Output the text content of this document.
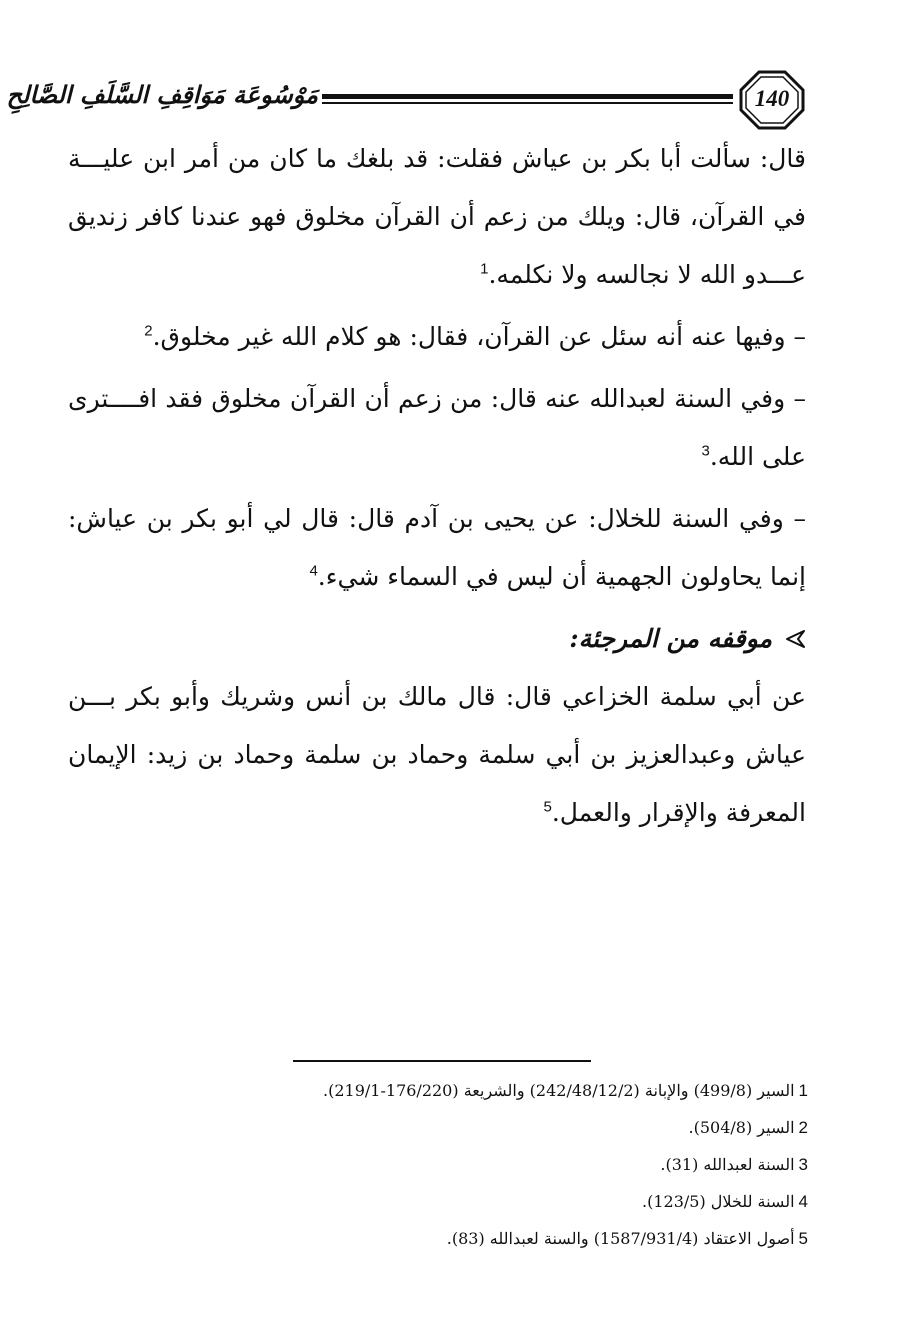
مَوْسُوعَة مَوَاقِفِ السَّلَفِ الصَّالِحِ	140

قال: سألت أبا بكر بن عياش فقلت: قد بلغك ما كان من أمر ابن عليـــة في القرآن، قال: ويلك من زعم أن القرآن مخلوق فهو عندنا كافر زنديق عـــدو الله لا نجالسه ولا نكلمه.$^1$

– وفيها عنه أنه سئل عن القرآن، فقال: هو كلام الله غير مخلوق.$^2$

– وفي السنة لعبدالله عنه قال: من زعم أن القرآن مخلوق فقد افــــترى على الله.$^3$

– وفي السنة للخلال: عن يحيى بن آدم قال: قال لي أبو بكر بن عياش: إنما يحاولون الجهمية أن ليس في السماء شيء.$^4$

موقفه من المرجئة:

عن أبي سلمة الخزاعي قال: قال مالك بن أنس وشريك وأبو بكر بـــن عياش وعبدالعزيز بن أبي سلمة وحماد بن سلمة وحماد بن زيد: الإيمان المعرفة والإقرار والعمل.$^5$

1السير (499/8) والإبانة (242/48/12/2) والشريعة (176/220-219/1).
2السير (504/8).
3السنة لعبدالله (31).
4السنة للخلال (123/5).
5أصول الاعتقاد (1587/931/4) والسنة لعبدالله (83).
